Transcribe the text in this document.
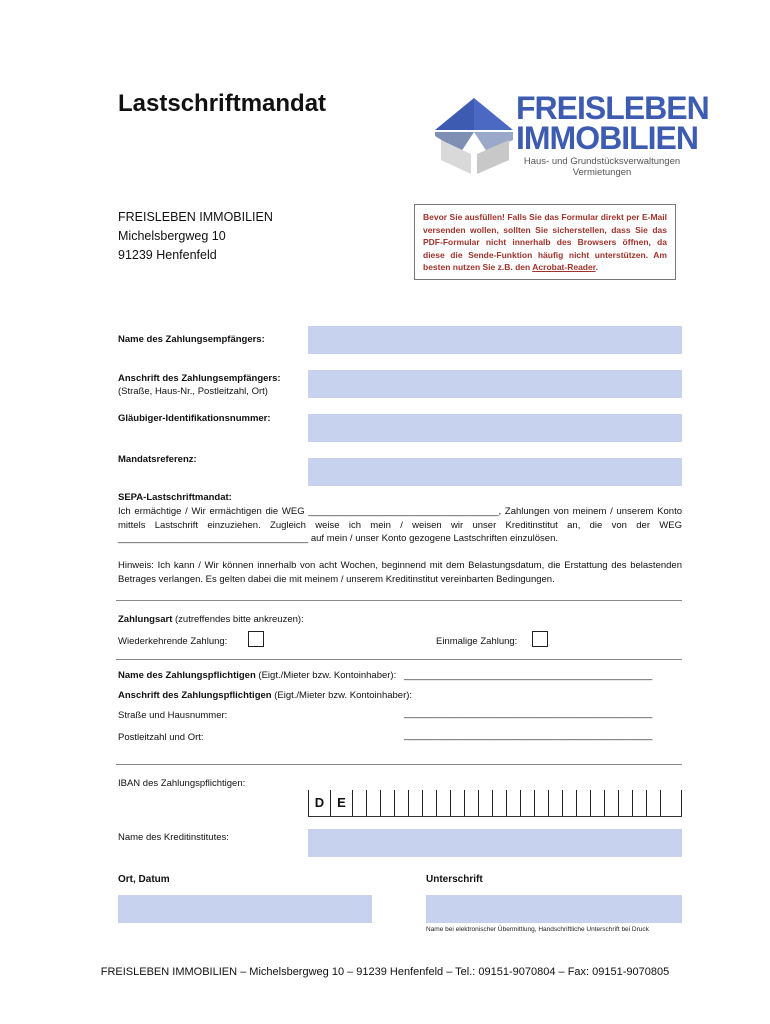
Lastschriftmandat	FREISLEBEN
IMMOBILIEN
Haus- und Grundstücksverwaltungen
Vermietungen
FREISLEBEN IMMOBILIEN
Michelsbergweg 10
91239 Henfenfeld
Bevor Sie ausfüllen! Falls Sie das Formular direkt per E-Mail versenden wollen, sollten Sie sicherstellen, dass Sie das PDF-Formular nicht innerhalb des Browsers öffnen, da diese die Sende-Funktion häufig nicht unterstützen. Am besten nutzen Sie z.B. den Acrobat-Reader.
Name des Zahlungsempfängers:
Anschrift des Zahlungsempfängers:
(Straße, Haus-Nr., Postleitzahl, Ort)
Gläubiger-Identifikationsnummer:
Mandatsreferenz:
SEPA-Lastschriftmandat:
Ich ermächtige / Wir ermächtigen die WEG ____________________________________, Zahlungen von meinem / unserem Konto mittels Lastschrift einzuziehen. Zugleich weise ich mein / weisen wir unser Kreditinstitut an, die von der WEG ____________________________________ auf mein / unser Konto gezogene Lastschriften einzulösen.
Hinweis: Ich kann / Wir können innerhalb von acht Wochen, beginnend mit dem Belastungsdatum, die Erstattung des belastenden Betrages verlangen. Es gelten dabei die mit meinem / unserem Kreditinstitut vereinbarten Bedingungen.
Zahlungsart (zutreffendes bitte ankreuzen):
Wiederkehrende Zahlung:	Einmalige Zahlung:
Name des Zahlungspflichtigen (Eigt./Mieter bzw. Kontoinhaber): _______________________________________________
Anschrift des Zahlungspflichtigen (Eigt./Mieter bzw. Kontoinhaber):
Straße und Hausnummer:	_______________________________________________
Postleitzahl und Ort:	_______________________________________________
IBAN des Zahlungspflichtigen:
D E
Name des Kreditinstitutes:
Ort, Datum	Unterschrift
Name bei elektronischer Übermittlung, Handschriftliche Unterschrift bei Druck
FREISLEBEN IMMOBILIEN – Michelsbergweg 10 – 91239 Henfenfeld – Tel.: 09151-9070804 – Fax: 09151-9070805
